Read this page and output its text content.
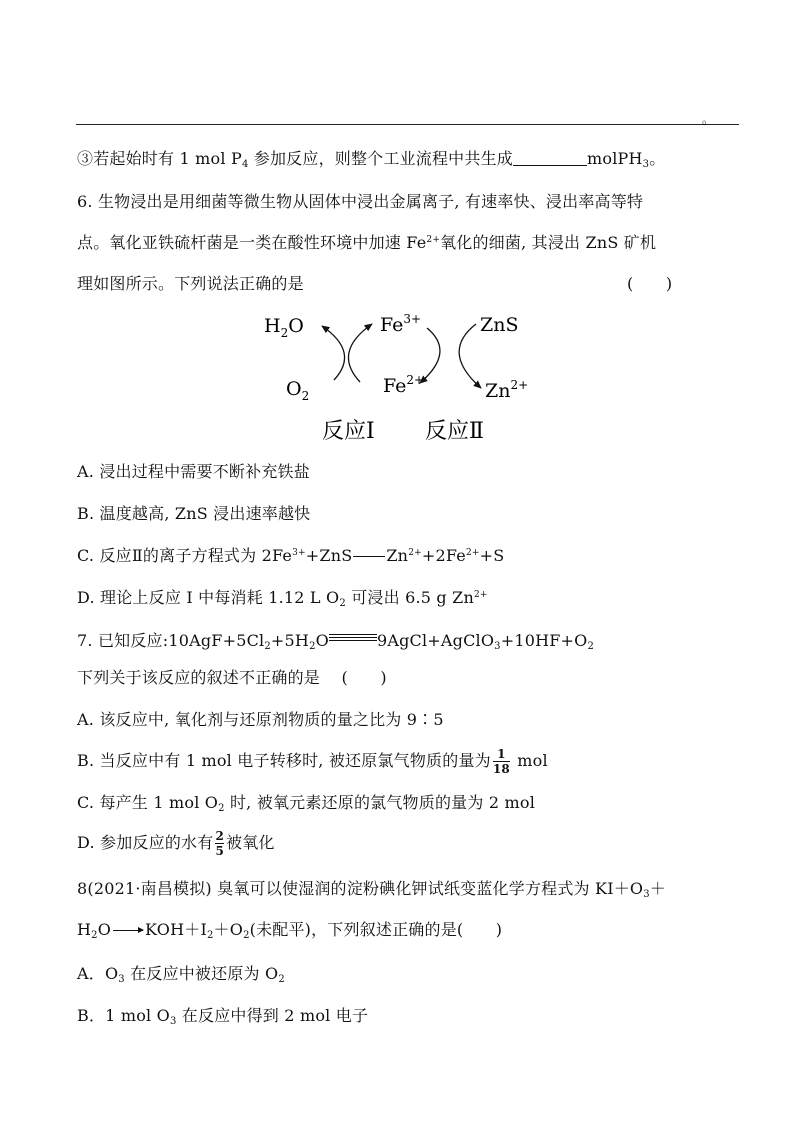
。
③若起始时有 1 mol $P_4$ 参加反应，则整个工业流程中共生成	molPH$_3$。
6. 生物浸出是用细菌等微生物从固体中浸出金属离子, 有速率快、浸出率高等特
点。氧化亚铁硫杆菌是一类在酸性环境中加速 $Fe^{2+}$氧化的细菌, 其浸出 ZnS 矿机
理如图所示。下列说法正确的是	(　　)
$H_2O$
$O_2$
$Fe^{3+}$
$Fe^{2+}$
ZnS
$Zn^{2+}$
反应Ⅰ 反应Ⅱ
A. 浸出过程中需要不断补充铁盐
B. 温度越高, ZnS 浸出速率越快
C. 反应Ⅱ的离子方程式为 $2Fe^{3+}+ZnS$ $Zn^{2+}+2Fe^{2+}+S$
D. 理论上反应 I 中每消耗 1.12 L $O_2$ 可浸出 6.5 g $Zn^{2+}$
7. 已知反应$:10AgF+5Cl_2+5H_2O$	$9AgCl+AgClO_3+10HF+O_2$
下列关于该反应的叙述不正确的是　 (　　)
A. 该反应中, 氧化剂与还原剂物质的量之比为 9∶5
B. 当反应中有 1 mol 电子转移时, 被还原氯气物质的量为 $\frac{1}{18}$ mol
C. 每产生 1 mol $O_2$ 时, 被氧元素还原的氯气物质的量为 2 mol
D. 参加反应的水有 $\frac{2}{5}$ 被氧化
8(2021·南昌模拟) 臭氧可以使湿润的淀粉碘化钾试纸变蓝化学方程式为 $KI+O_3+$
$H_2O$ $KOH+I_2+O_2$(未配平)，下列叙述正确的是(　　)
A．$O_3$ 在反应中被还原为 $O_2$
B．1 mol $O_3$ 在反应中得到 2 mol 电子
